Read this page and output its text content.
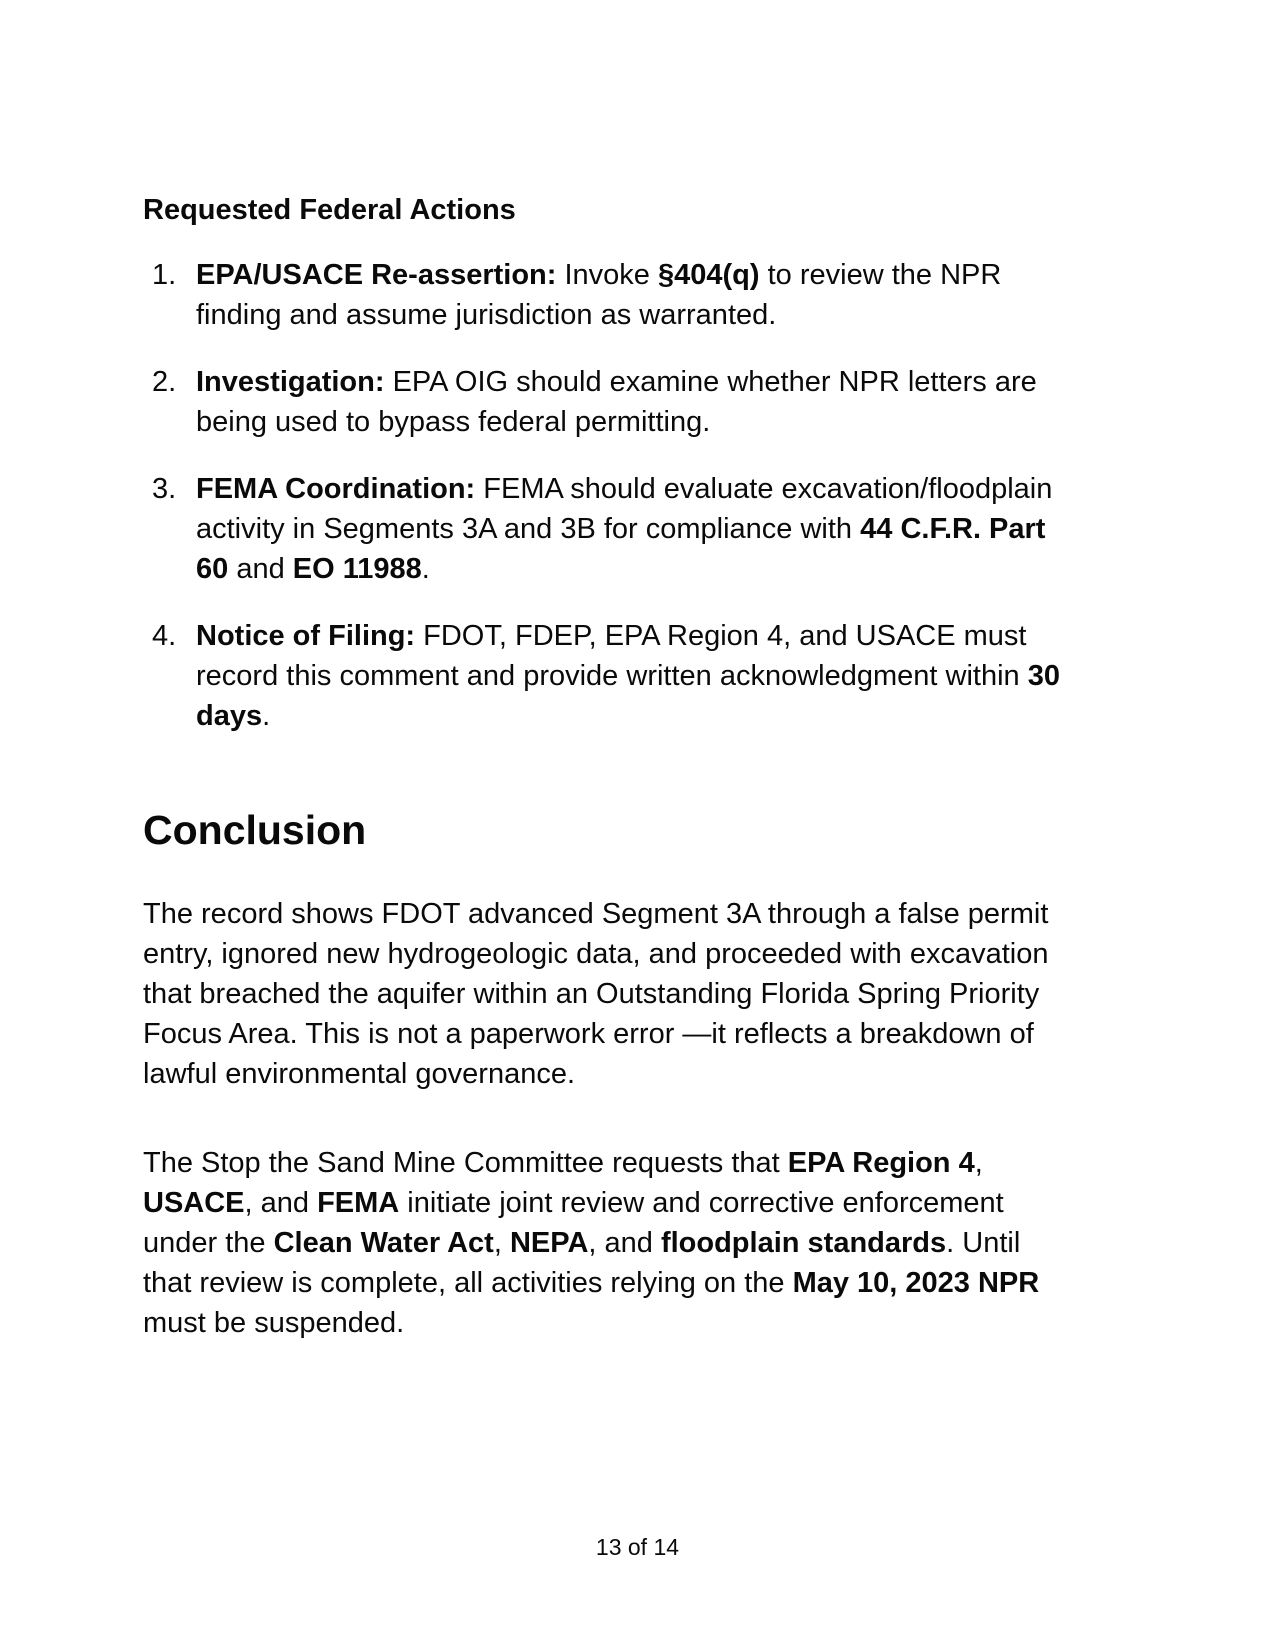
Requested Federal Actions
1. EPA/USACE Re-assertion: Invoke §404(q) to review the NPR finding and assume jurisdiction as warranted.
2. Investigation: EPA OIG should examine whether NPR letters are being used to bypass federal permitting.
3. FEMA Coordination: FEMA should evaluate excavation/floodplain activity in Segments 3A and 3B for compliance with 44 C.F.R. Part 60 and EO 11988.
4. Notice of Filing: FDOT, FDEP, EPA Region 4, and USACE must record this comment and provide written acknowledgment within 30 days.
Conclusion

The record shows FDOT advanced Segment 3A through a false permit entry, ignored new hydrogeologic data, and proceeded with excavation that breached the aquifer within an Outstanding Florida Spring Priority Focus Area. This is not a paperwork error —it reflects a breakdown of lawful environmental governance.

The Stop the Sand Mine Committee requests that EPA Region 4, USACE, and FEMA initiate joint review and corrective enforcement under the Clean Water Act, NEPA, and floodplain standards. Until that review is complete, all activities relying on the May 10, 2023 NPR must be suspended.

13 of 14
